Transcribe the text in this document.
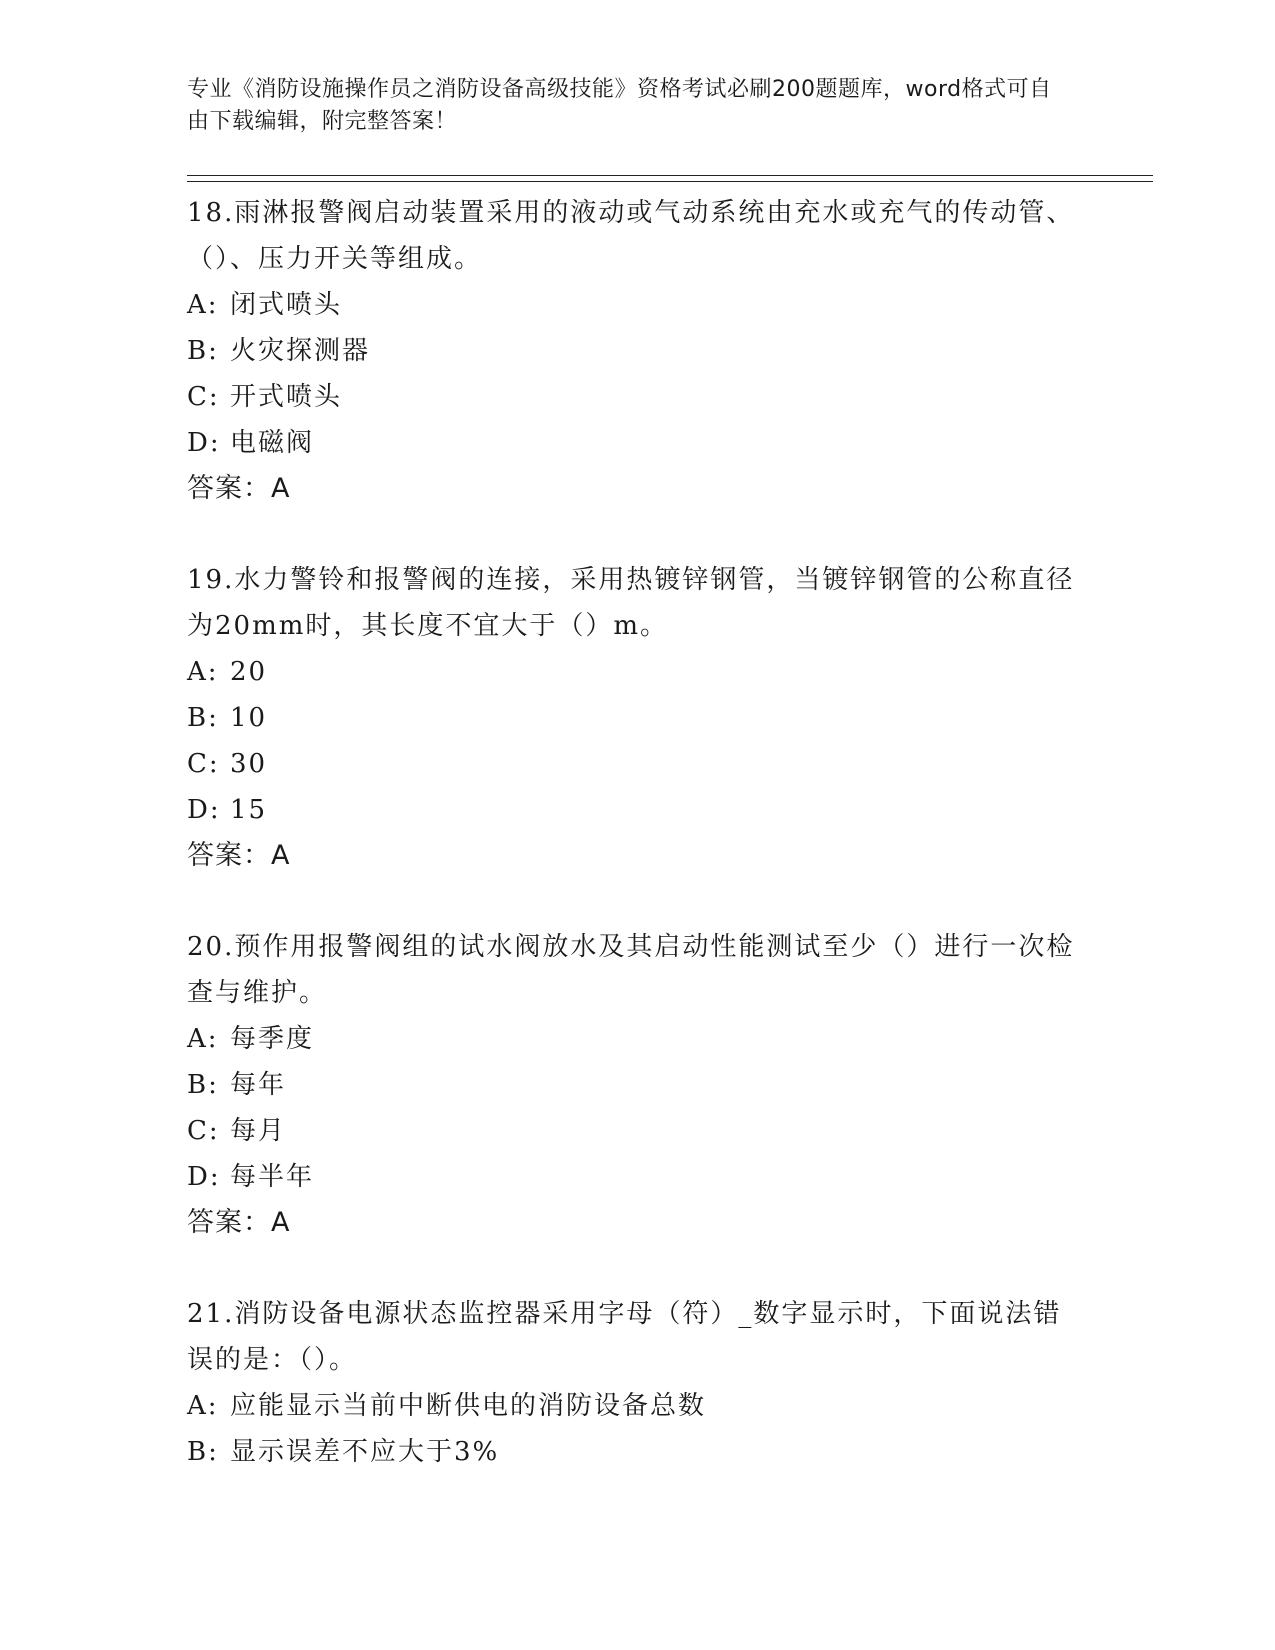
专业《消防设施操作员之消防设备高级技能》资格考试必刷200题题库，word格式可自由下载编辑，附完整答案！
18.雨淋报警阀启动装置采用的液动或气动系统由充水或充气的传动管、（）、压力开关等组成。
A: 闭式喷头
B: 火灾探测器
C: 开式喷头
D: 电磁阀
答案：A
19.水力警铃和报警阀的连接，采用热镀锌钢管，当镀锌钢管的公称直径为20mm时，其长度不宜大于（）m。
A: 20
B: 10
C: 30
D: 15
答案：A
20.预作用报警阀组的试水阀放水及其启动性能测试至少（）进行一次检查与维护。
A: 每季度
B: 每年
C: 每月
D: 每半年
答案：A
21.消防设备电源状态监控器采用字母（符）_数字显示时，下面说法错误的是：（）。
A: 应能显示当前中断供电的消防设备总数
B: 显示误差不应大于3%
